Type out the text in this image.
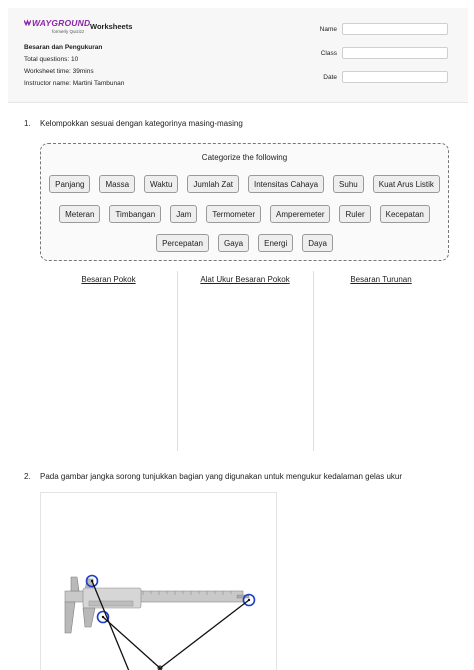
WAYGROUND
formerly Quizizz
Worksheets
Besaran dan Pengukuran
Total questions: 10
Worksheet time: 39mins
Instructor name: Martini Tambunan
Name
Class
Date
1. Kelompokkan sesuai dengan kategorinya masing-masing
Categorize the following
Panjang	Massa	Waktu	Jumlah Zat	Intensitas Cahaya	Suhu	Kuat Arus Listik
Meteran	Timbangan	Jam	Termometer	Amperemeter	Ruler	Kecepatan
Percepatan	Gaya	Energi	Daya
Besaran Pokok	Alat Ukur Besaran Pokok	Besaran Turunan
2. Pada gambar jangka sorong tunjukkan bagian yang digunakan untuk mengukur kedalaman gelas ukur
